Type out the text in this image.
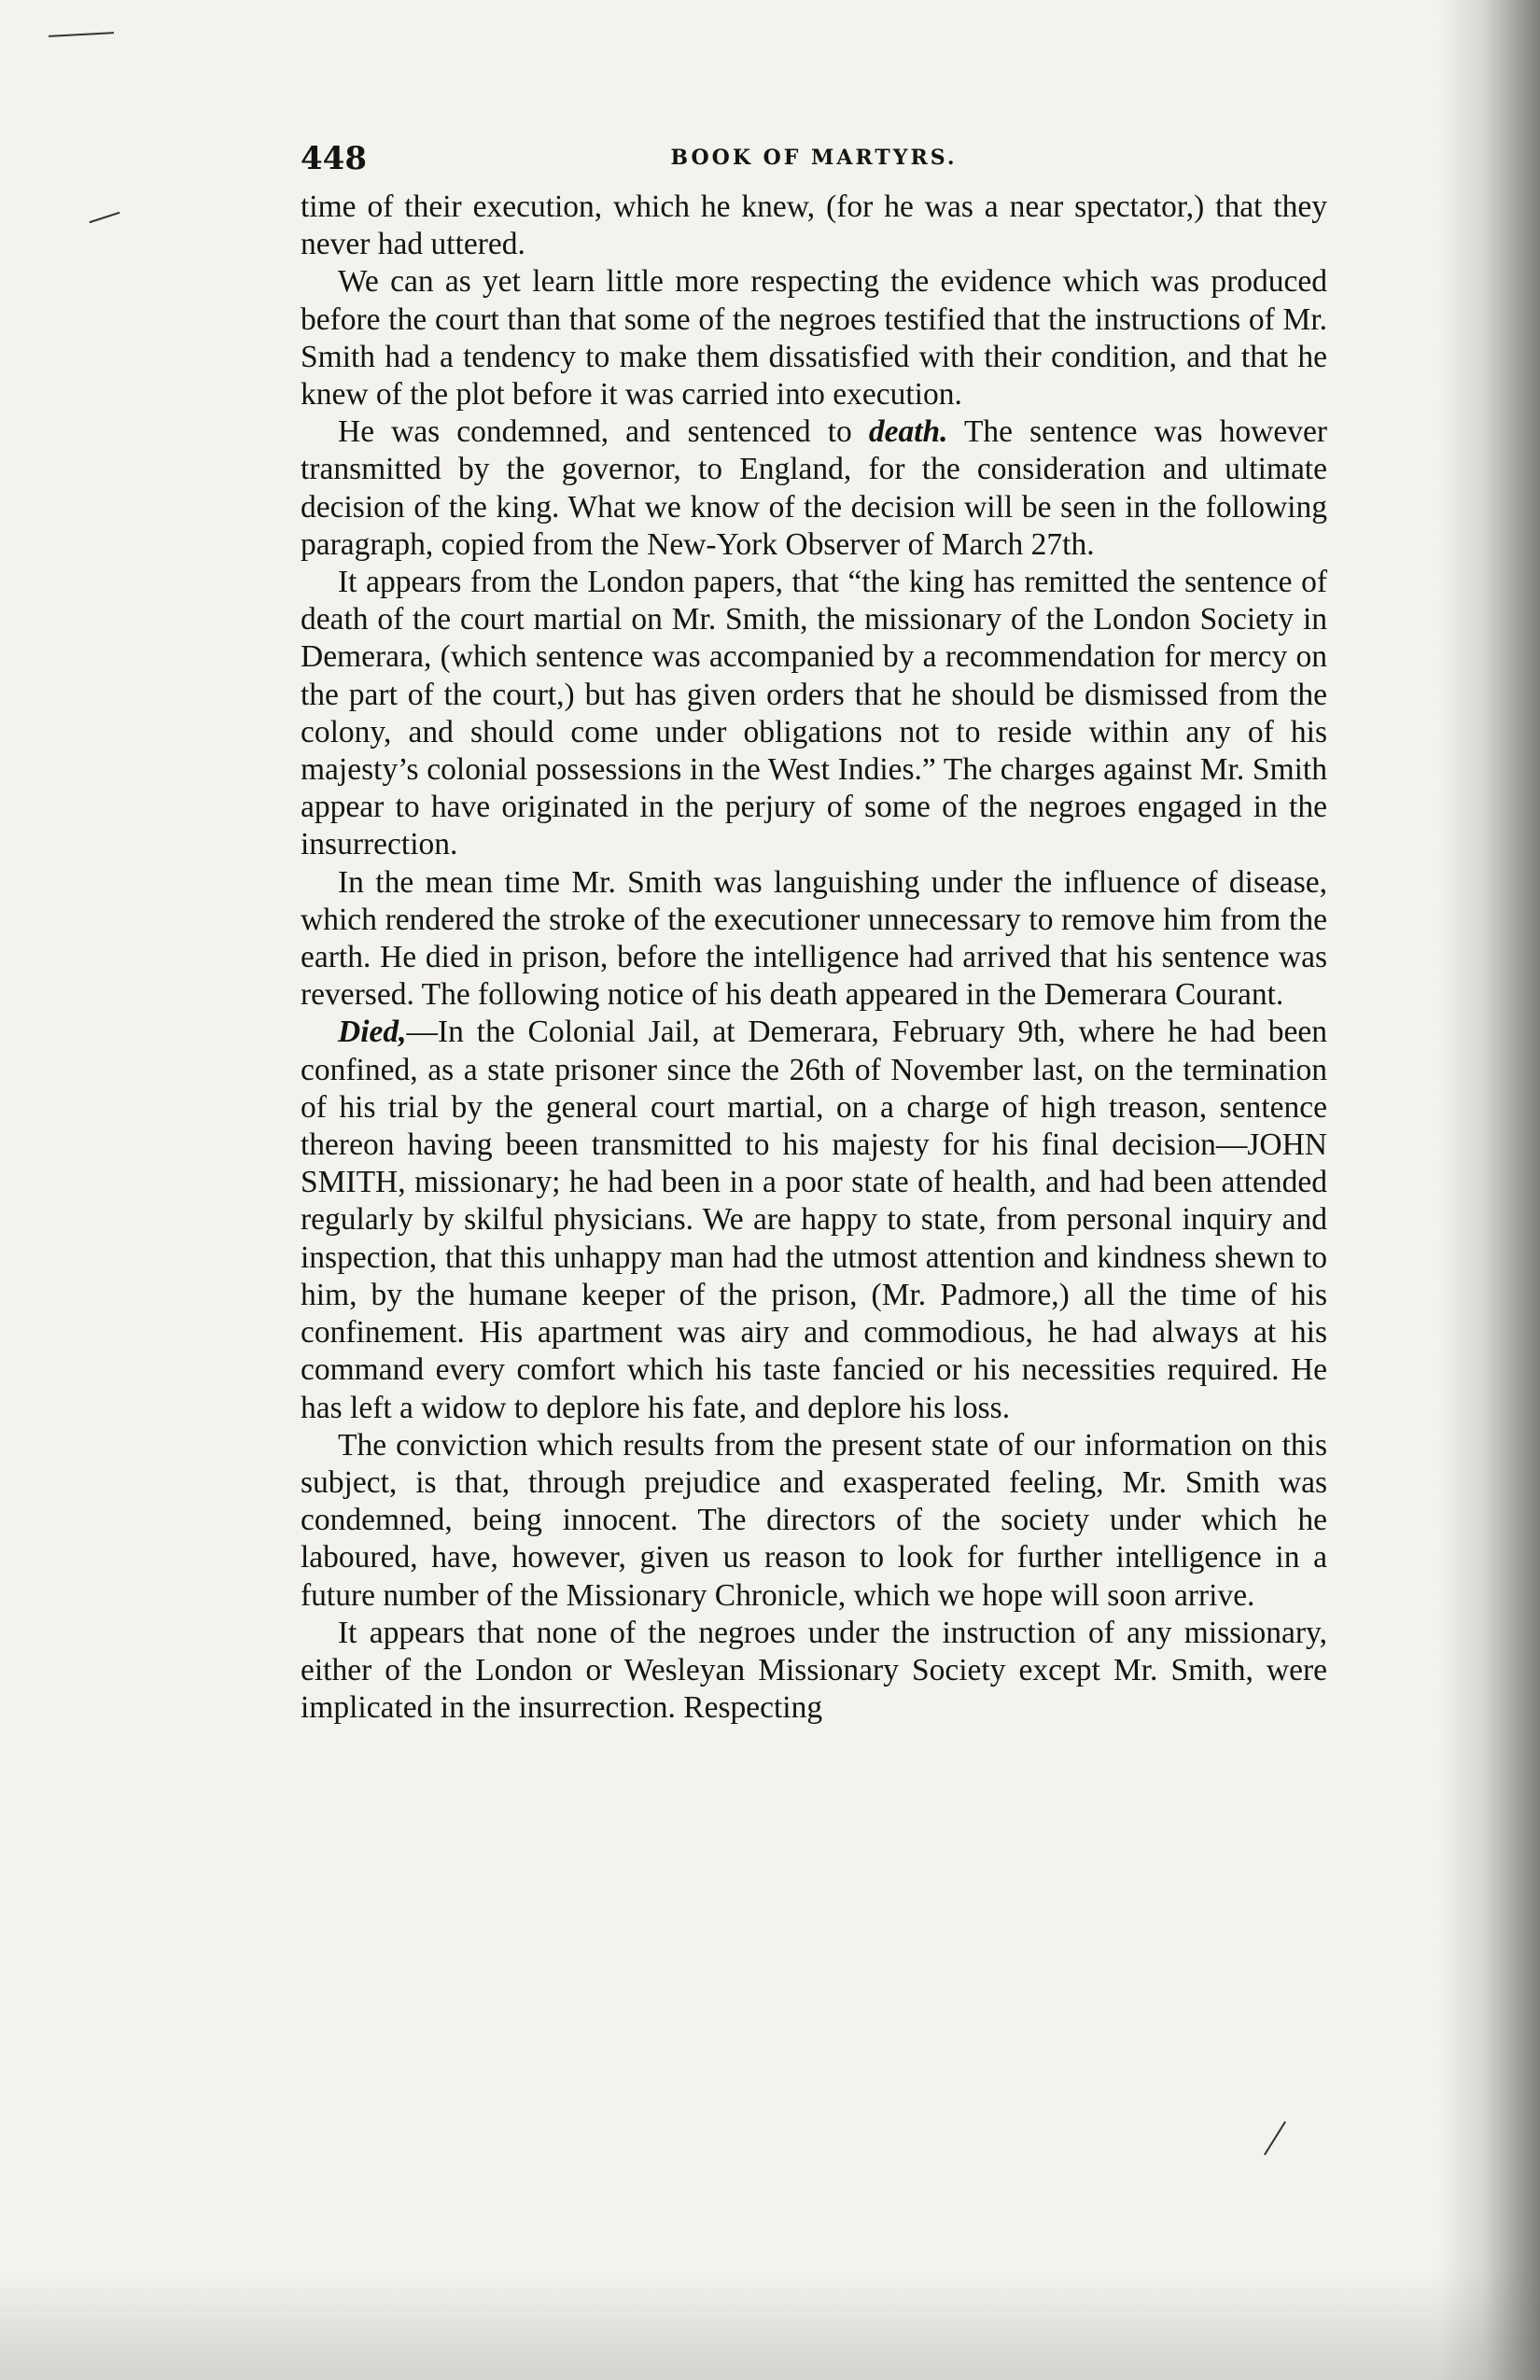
448	BOOK OF MARTYRS.

time of their execution, which he knew, (for he was a near spectator,) that they never had uttered.

We can as yet learn little more respecting the evidence which was produced before the court than that some of the negroes testified that the instructions of Mr. Smith had a tendency to make them dissatisfied with their condition, and that he knew of the plot before it was carried into execution.

He was condemned, and sentenced to death. The sentence was however transmitted by the governor, to England, for the consideration and ultimate decision of the king. What we know of the decision will be seen in the following paragraph, copied from the New-York Observer of March 27th.

It appears from the London papers, that “the king has remitted the sentence of death of the court martial on Mr. Smith, the missionary of the London Society in Demerara, (which sentence was accompanied by a recommendation for mercy on the part of the court,) but has given orders that he should be dismissed from the colony, and should come under obligations not to reside within any of his majesty’s colonial possessions in the West Indies.” The charges against Mr. Smith appear to have originated in the perjury of some of the negroes engaged in the insurrection.

In the mean time Mr. Smith was languishing under the influence of disease, which rendered the stroke of the executioner unnecessary to remove him from the earth. He died in prison, before the intelligence had arrived that his sentence was reversed. The following notice of his death appeared in the Demerara Courant.

Died,—In the Colonial Jail, at Demerara, February 9th, where he had been confined, as a state prisoner since the 26th of November last, on the termination of his trial by the general court martial, on a charge of high treason, sentence thereon having beeen transmitted to his majesty for his final decision—JOHN SMITH, missionary; he had been in a poor state of health, and had been attended regularly by skilful physicians. We are happy to state, from personal inquiry and inspection, that this unhappy man had the utmost attention and kindness shewn to him, by the humane keeper of the prison, (Mr. Padmore,) all the time of his confinement. His apartment was airy and commodious, he had always at his command every comfort which his taste fancied or his necessities required. He has left a widow to deplore his fate, and deplore his loss.

The conviction which results from the present state of our information on this subject, is that, through prejudice and exasperated feeling, Mr. Smith was condemned, being innocent. The directors of the society under which he laboured, have, however, given us reason to look for further intelligence in a future number of the Missionary Chronicle, which we hope will soon arrive.

It appears that none of the negroes under the instruction of any missionary, either of the London or Wesleyan Missionary Society except Mr. Smith, were implicated in the insurrection. Respecting
